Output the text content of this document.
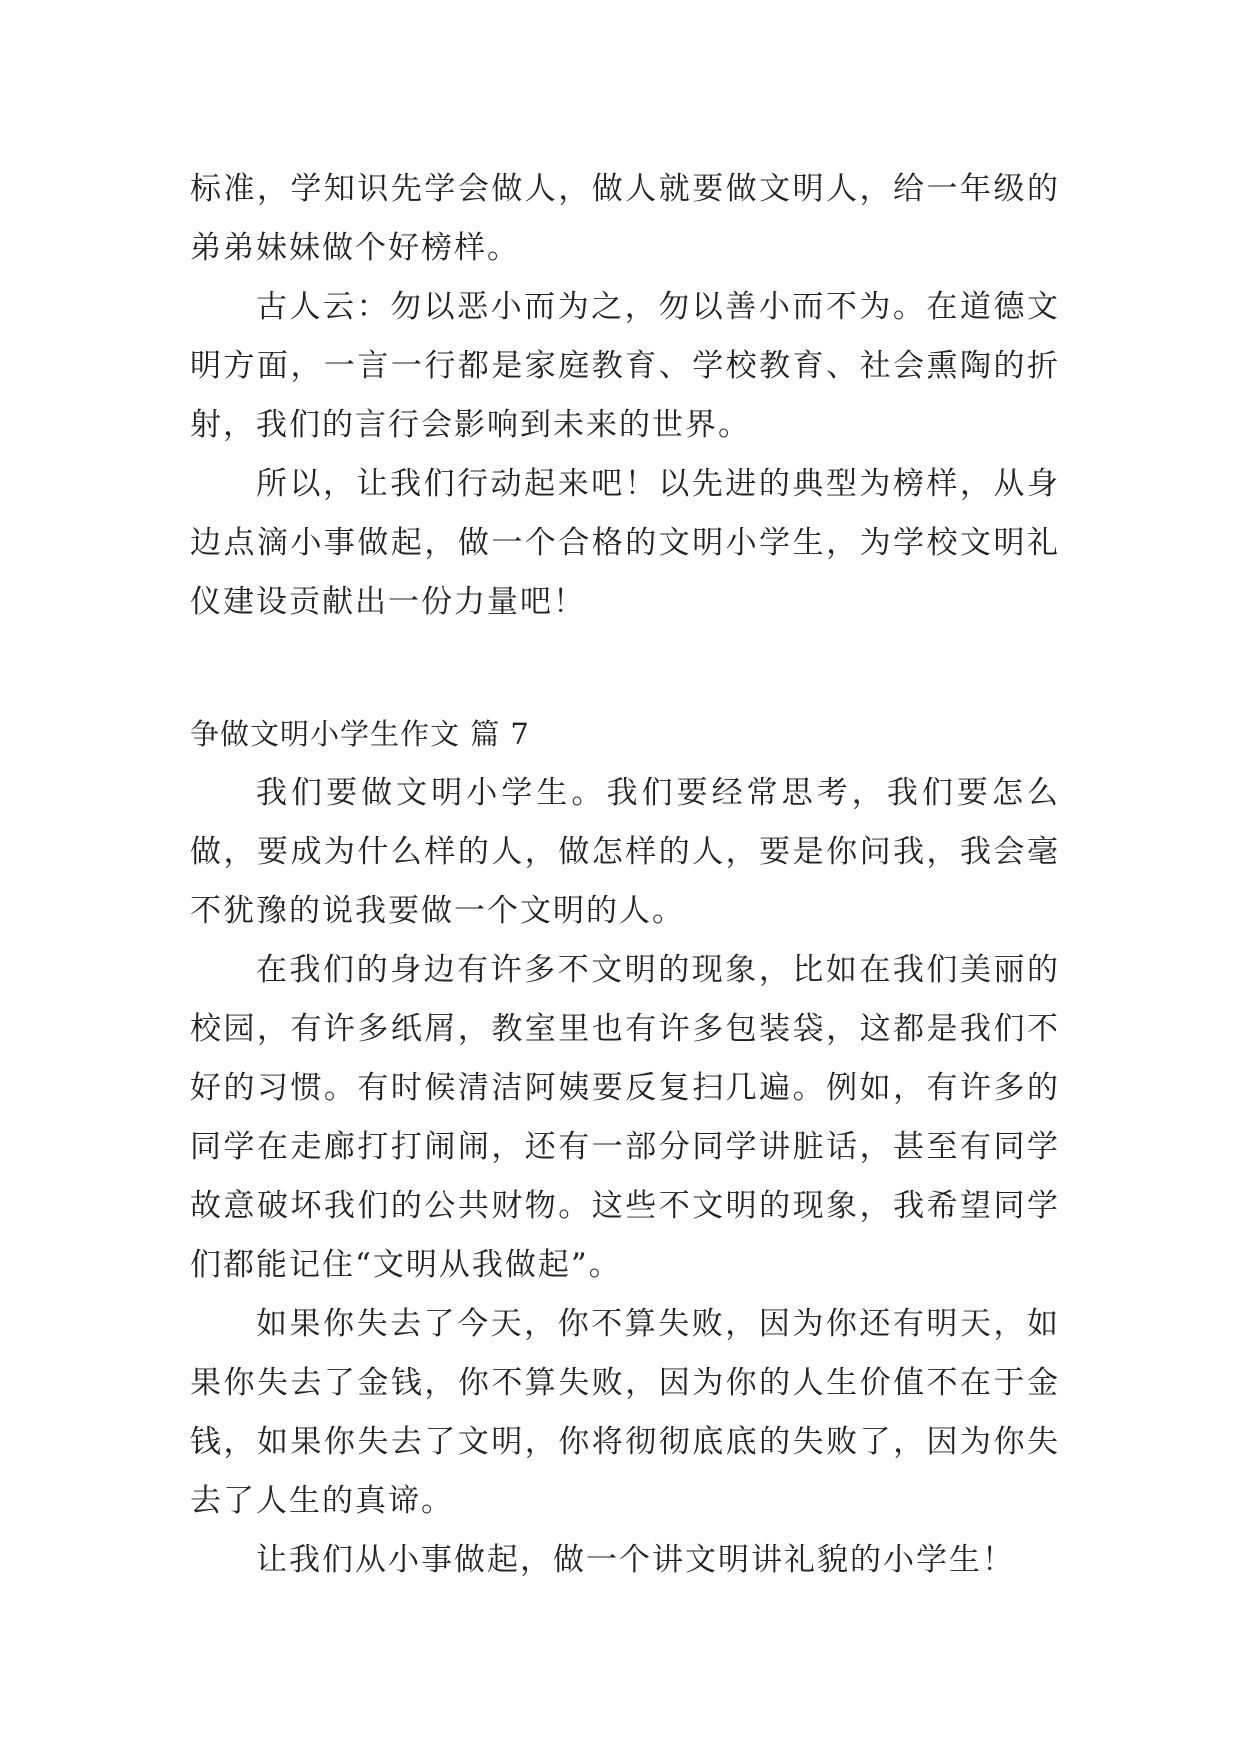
标准，学知识先学会做人，做人就要做文明人，给一年级的弟弟妹妹做个好榜样。

古人云：勿以恶小而为之，勿以善小而不为。在道德文明方面，一言一行都是家庭教育、学校教育、社会熏陶的折射，我们的言行会影响到未来的世界。

所以，让我们行动起来吧！以先进的典型为榜样，从身边点滴小事做起，做一个合格的文明小学生，为学校文明礼仪建设贡献出一份力量吧！

争做文明小学生作文 篇 7

我们要做文明小学生。我们要经常思考，我们要怎么做，要成为什么样的人，做怎样的人，要是你问我，我会毫不犹豫的说我要做一个文明的人。

在我们的身边有许多不文明的现象，比如在我们美丽的校园，有许多纸屑，教室里也有许多包装袋，这都是我们不好的习惯。有时候清洁阿姨要反复扫几遍。例如，有许多的同学在走廊打打闹闹，还有一部分同学讲脏话，甚至有同学故意破坏我们的公共财物。这些不文明的现象，我希望同学们都能记住“文明从我做起”。

如果你失去了今天，你不算失败，因为你还有明天，如果你失去了金钱，你不算失败，因为你的人生价值不在于金钱，如果你失去了文明，你将彻彻底底的失败了，因为你失去了人生的真谛。

让我们从小事做起，做一个讲文明讲礼貌的小学生！
